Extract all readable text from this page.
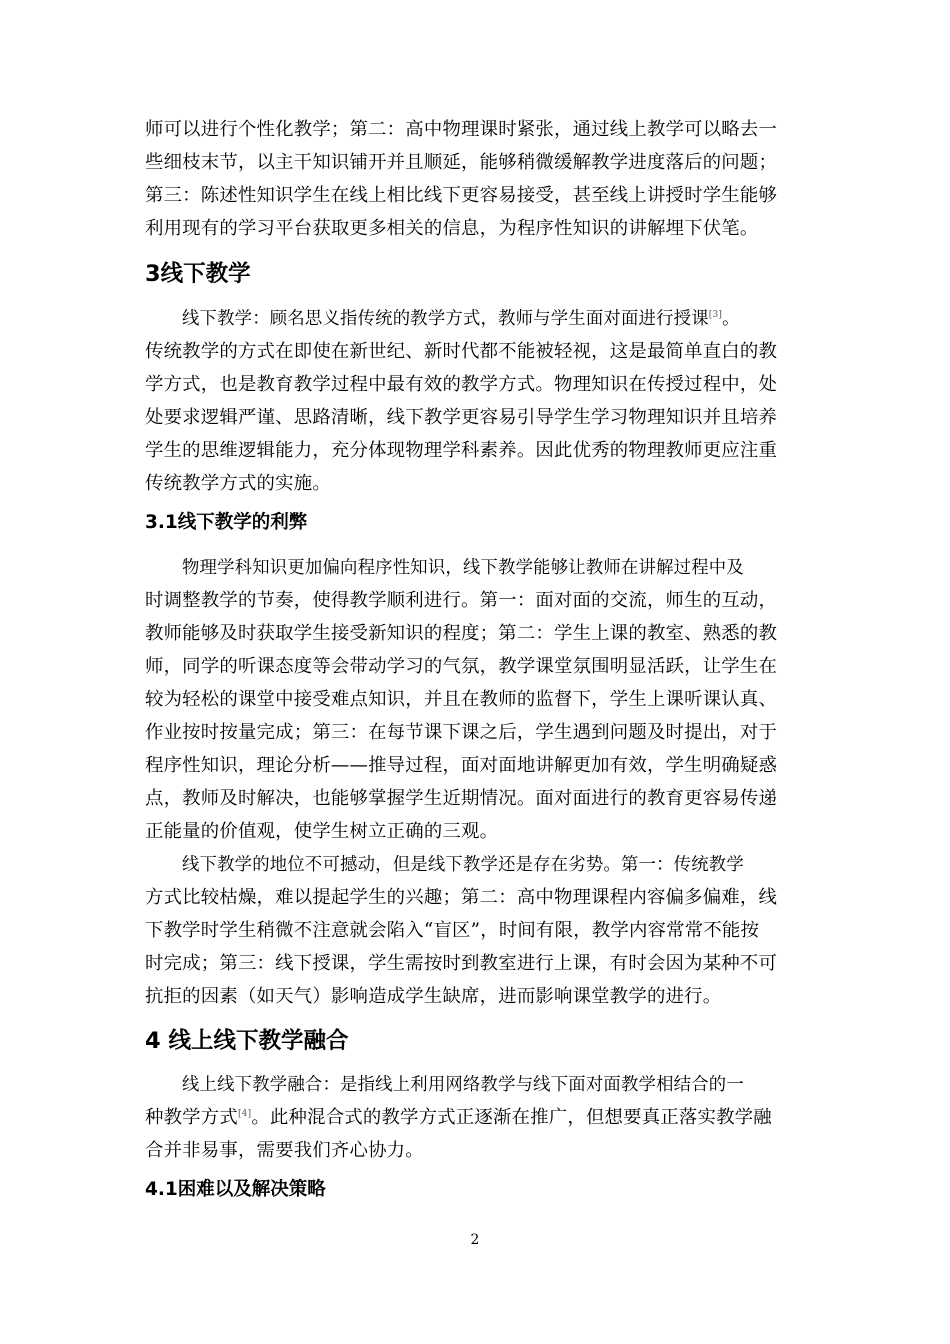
师可以进行个性化教学；第二：高中物理课时紧张，通过线上教学可以略去一
些细枝末节，以主干知识铺开并且顺延，能够稍微缓解教学进度落后的问题；
第三：陈述性知识学生在线上相比线下更容易接受，甚至线上讲授时学生能够
利用现有的学习平台获取更多相关的信息，为程序性知识的讲解埋下伏笔。
3线下教学
线下教学：顾名思义指传统的教学方式，教师与学生面对面进行授课[3]。
传统教学的方式在即使在新世纪、新时代都不能被轻视，这是最简单直白的教
学方式，也是教育教学过程中最有效的教学方式。物理知识在传授过程中，处
处要求逻辑严谨、思路清晰，线下教学更容易引导学生学习物理知识并且培养
学生的思维逻辑能力，充分体现物理学科素养。因此优秀的物理教师更应注重
传统教学方式的实施。
3.1线下教学的利弊
物理学科知识更加偏向程序性知识，线下教学能够让教师在讲解过程中及
时调整教学的节奏，使得教学顺利进行。第一：面对面的交流，师生的互动，
教师能够及时获取学生接受新知识的程度；第二：学生上课的教室、熟悉的教
师，同学的听课态度等会带动学习的气氛，教学课堂氛围明显活跃，让学生在
较为轻松的课堂中接受难点知识，并且在教师的监督下，学生上课听课认真、
作业按时按量完成；第三：在每节课下课之后，学生遇到问题及时提出，对于
程序性知识，理论分析——推导过程，面对面地讲解更加有效，学生明确疑惑
点，教师及时解决，也能够掌握学生近期情况。面对面进行的教育更容易传递
正能量的价值观，使学生树立正确的三观。
线下教学的地位不可撼动，但是线下教学还是存在劣势。第一：传统教学
方式比较枯燥，难以提起学生的兴趣；第二：高中物理课程内容偏多偏难，线
下教学时学生稍微不注意就会陷入“盲区”，时间有限，教学内容常常不能按
时完成；第三：线下授课，学生需按时到教室进行上课，有时会因为某种不可
抗拒的因素（如天气）影响造成学生缺席，进而影响课堂教学的进行。
4 线上线下教学融合
线上线下教学融合：是指线上利用网络教学与线下面对面教学相结合的一
种教学方式[4]。此种混合式的教学方式正逐渐在推广，但想要真正落实教学融
合并非易事，需要我们齐心协力。
4.1困难以及解决策略
2
